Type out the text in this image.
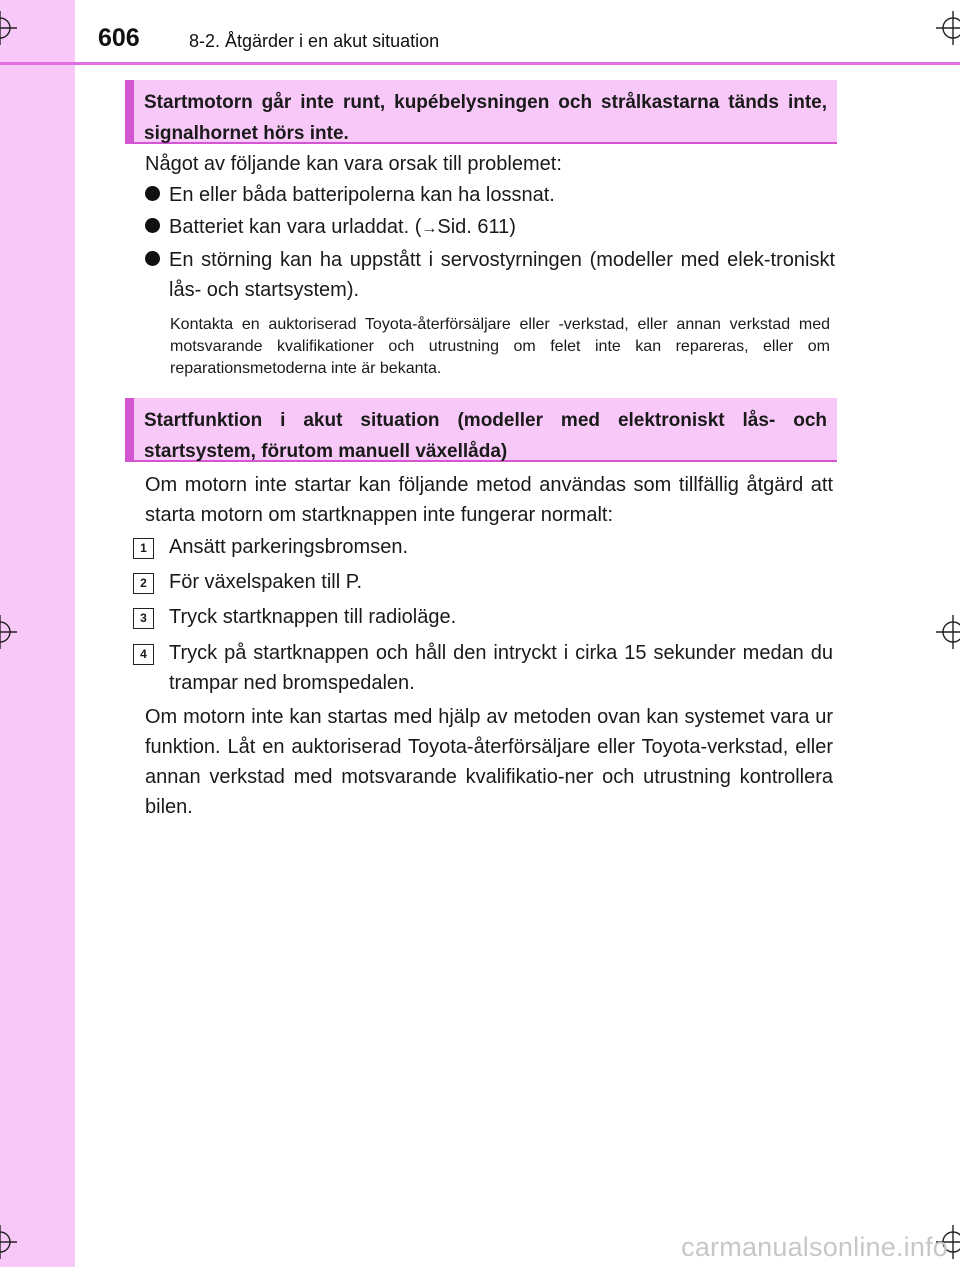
606	8-2. Åtgärder i en akut situation
Startmotorn går inte runt, kupébelysningen och strålkastarna tänds inte, signalhornet hörs inte.
Något av följande kan vara orsak till problemet:
En eller båda batteripolerna kan ha lossnat.
Batteriet kan vara urladdat. (→Sid. 611)
En störning kan ha uppstått i servostyrningen (modeller med elek-troniskt lås- och startsystem).
Kontakta en auktoriserad Toyota-återförsäljare eller -verkstad, eller annan verkstad med motsvarande kvalifikationer och utrustning om felet inte kan repareras, eller om reparationsmetoderna inte är bekanta.
Startfunktion i akut situation (modeller med elektroniskt lås- och startsystem, förutom manuell växellåda)
Om motorn inte startar kan följande metod användas som tillfällig åtgärd att starta motorn om startknappen inte fungerar normalt:
1	Ansätt parkeringsbromsen.
2	För växelspaken till P.
3	Tryck startknappen till radioläge.
4	Tryck på startknappen och håll den intryckt i cirka 15 sekunder medan du trampar ned bromspedalen.
Om motorn inte kan startas med hjälp av metoden ovan kan systemet vara ur funktion. Låt en auktoriserad Toyota-återförsäljare eller Toyota-verkstad, eller annan verkstad med motsvarande kvalifikatio-ner och utrustning kontrollera bilen.
carmanualsonline.info
